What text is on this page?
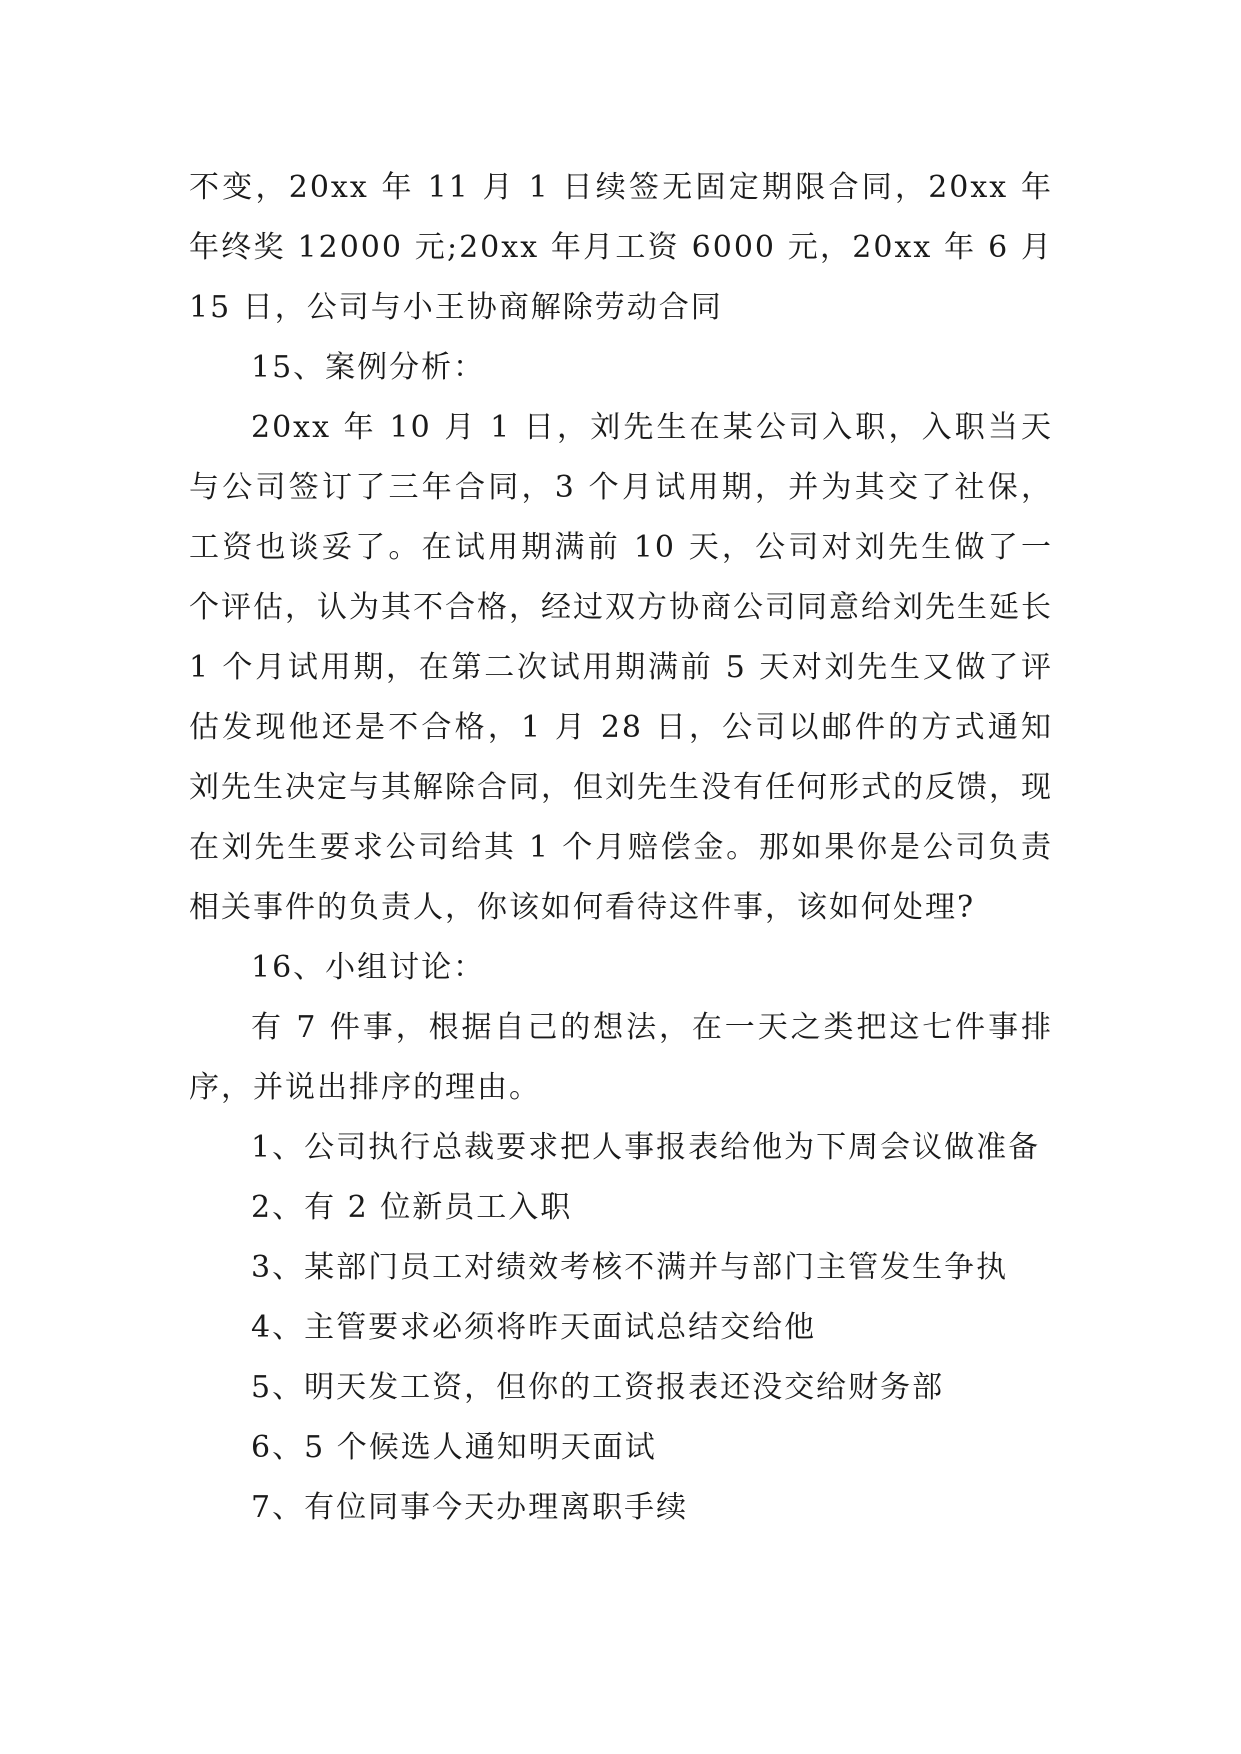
不变，20xx 年 11 月 1 日续签无固定期限合同，20xx 年年终奖 12000 元;20xx 年月工资 6000 元，20xx 年 6 月 15 日，公司与小王协商解除劳动合同

15、案例分析：

20xx 年 10 月 1 日，刘先生在某公司入职，入职当天与公司签订了三年合同，3 个月试用期，并为其交了社保，工资也谈妥了。在试用期满前 10 天，公司对刘先生做了一个评估，认为其不合格，经过双方协商公司同意给刘先生延长 1 个月试用期，在第二次试用期满前 5 天对刘先生又做了评估发现他还是不合格，1 月 28 日，公司以邮件的方式通知刘先生决定与其解除合同，但刘先生没有任何形式的反馈，现在刘先生要求公司给其 1 个月赔偿金。那如果你是公司负责相关事件的负责人，你该如何看待这件事，该如何处理?

16、小组讨论：

有 7 件事，根据自己的想法，在一天之类把这七件事排序，并说出排序的理由。

1、公司执行总裁要求把人事报表给他为下周会议做准备

2、有 2 位新员工入职

3、某部门员工对绩效考核不满并与部门主管发生争执

4、主管要求必须将昨天面试总结交给他

5、明天发工资，但你的工资报表还没交给财务部

6、5 个候选人通知明天面试

7、有位同事今天办理离职手续
